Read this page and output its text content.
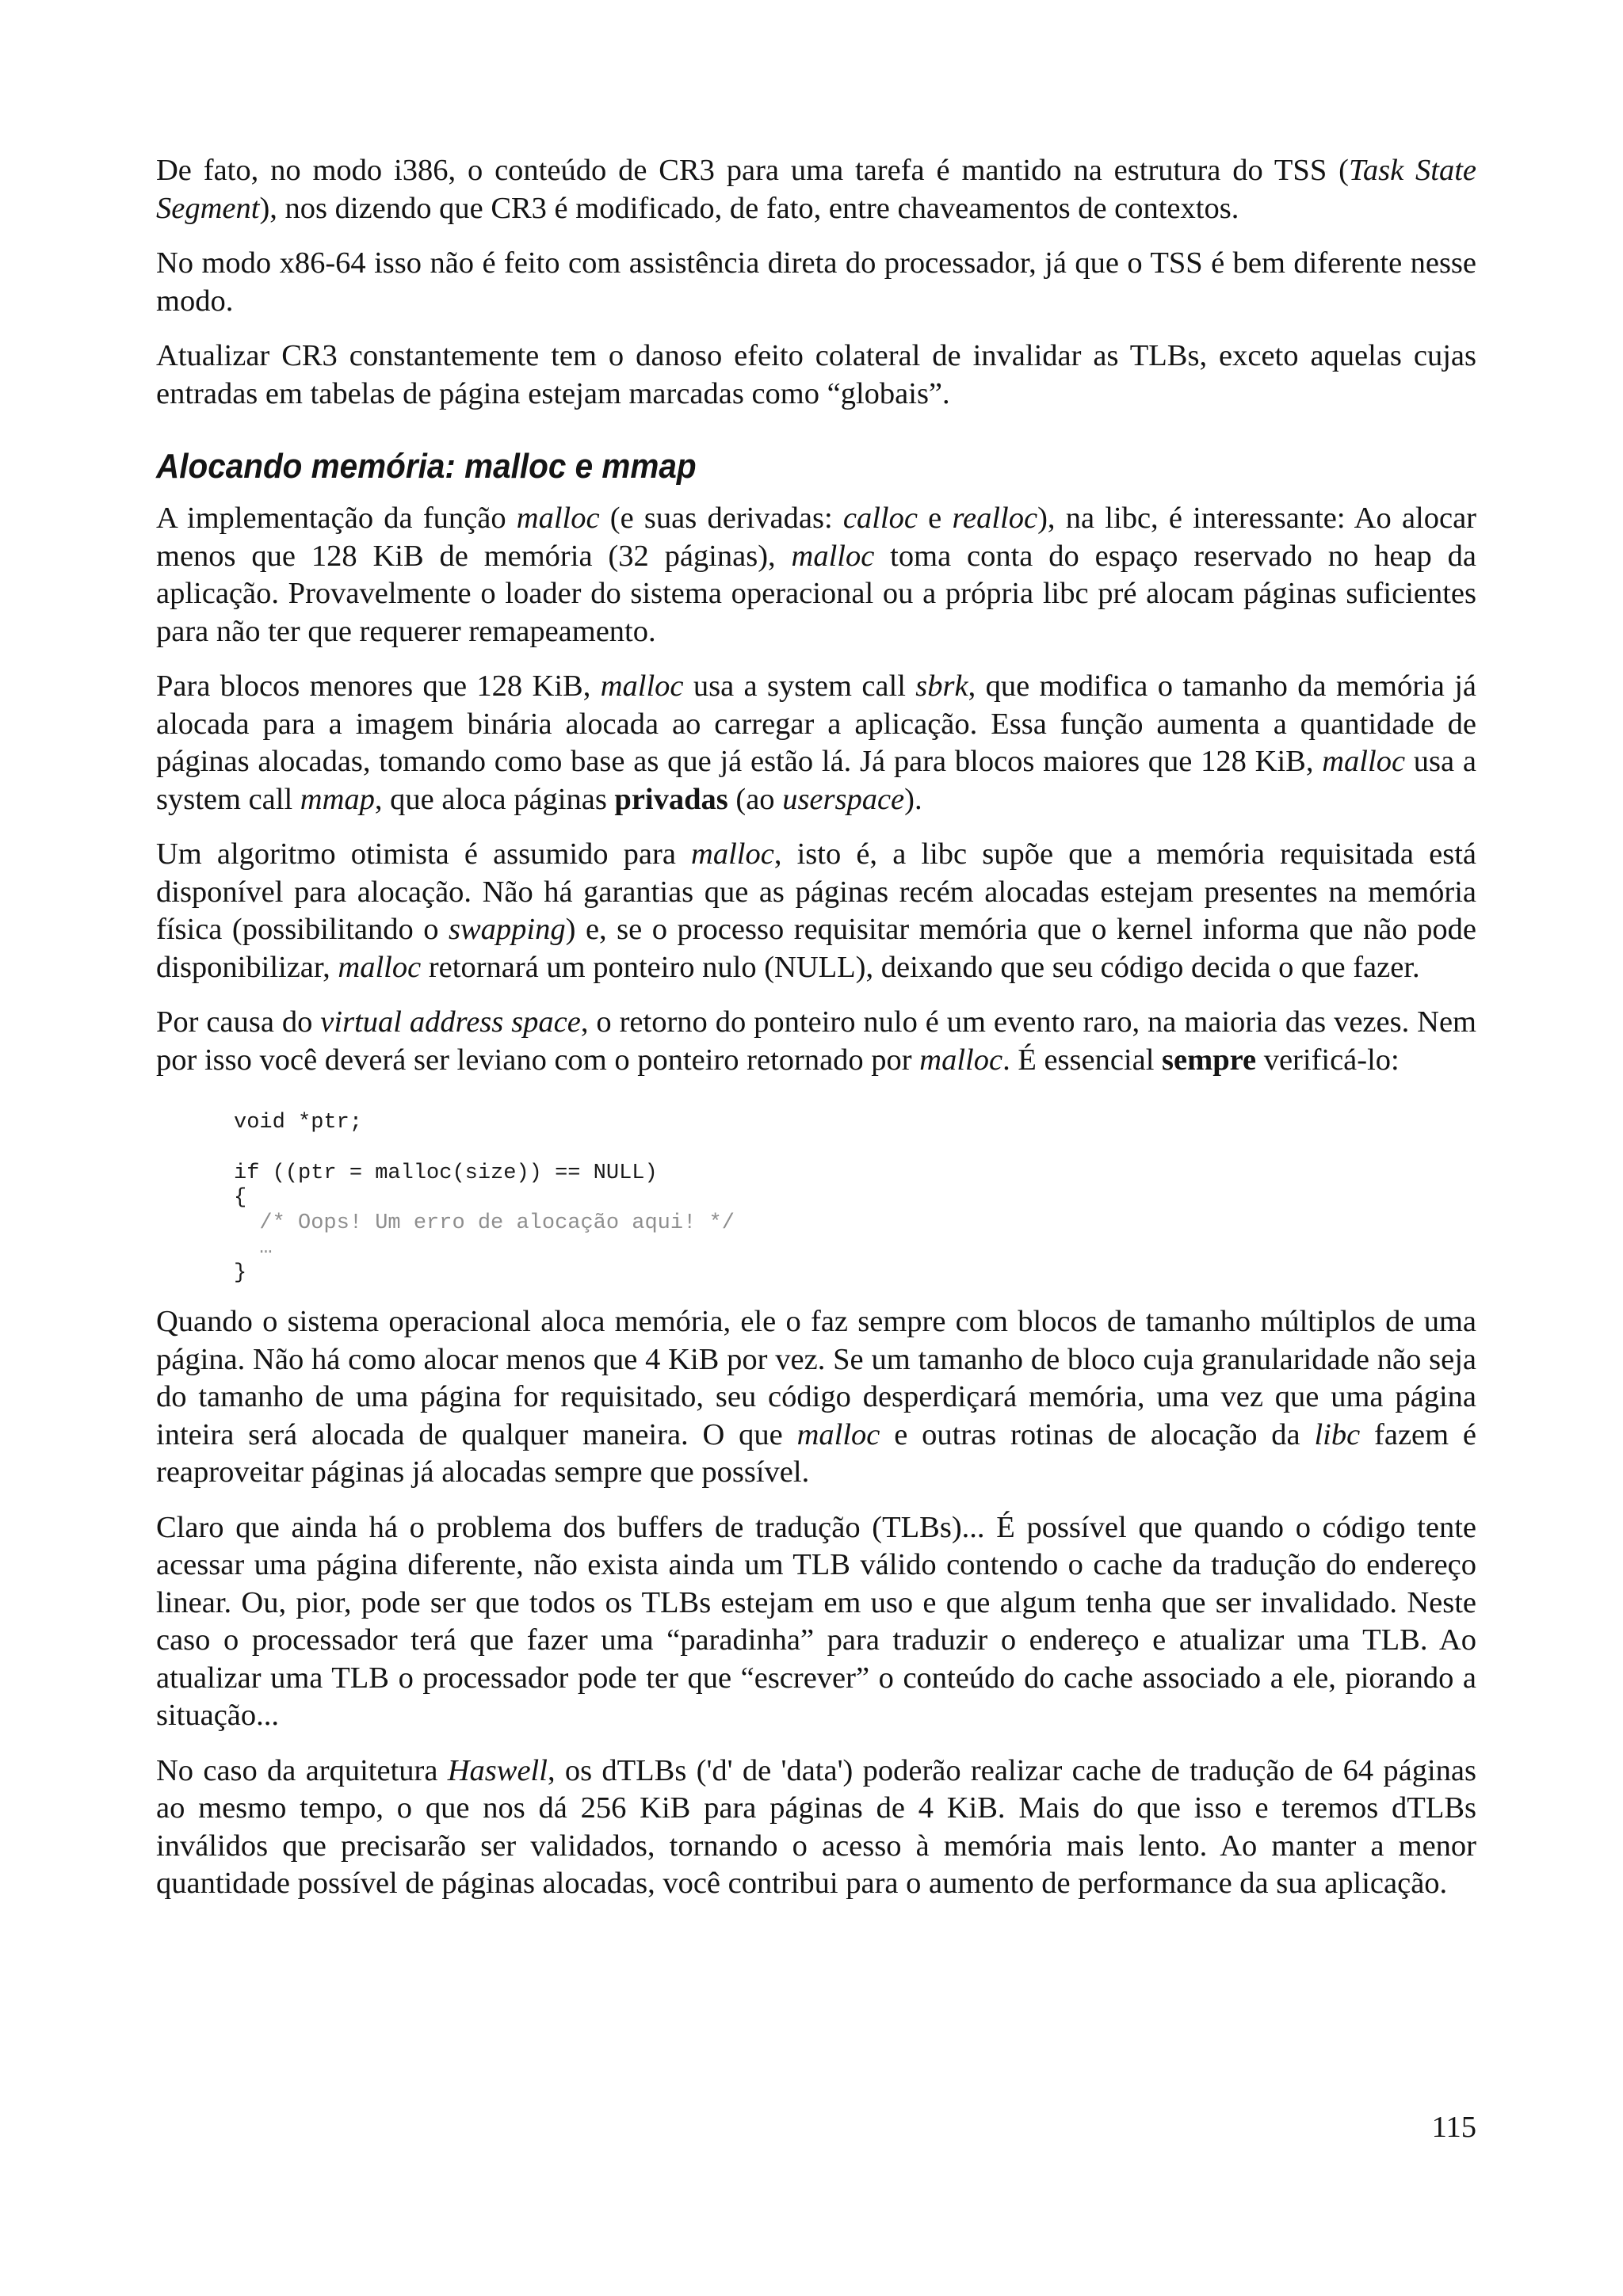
De fato, no modo i386, o conteúdo de CR3 para uma tarefa é mantido na estrutura do TSS (Task State Segment), nos dizendo que CR3 é modificado, de fato, entre chaveamentos de contextos.

No modo x86-64 isso não é feito com assistência direta do processador, já que o TSS é bem diferente nesse modo.

Atualizar CR3 constantemente tem o danoso efeito colateral de invalidar as TLBs, exceto aquelas cujas entradas em tabelas de página estejam marcadas como “globais”.

Alocando memória: malloc e mmap

A implementação da função malloc (e suas derivadas: calloc e realloc), na libc, é interessante: Ao alocar menos que 128 KiB de memória (32 páginas), malloc toma conta do espaço reservado no heap da aplicação. Provavelmente o loader do sistema operacional ou a própria libc pré alocam páginas suficientes para não ter que requerer remapeamento.

Para blocos menores que 128 KiB, malloc usa a system call sbrk, que modifica o tamanho da memória já alocada para a imagem binária alocada ao carregar a aplicação. Essa função aumenta a quantidade de páginas alocadas, tomando como base as que já estão lá. Já para blocos maiores que 128 KiB, malloc usa a system call mmap, que aloca páginas privadas (ao userspace).

Um algoritmo otimista é assumido para malloc, isto é, a libc supõe que a memória requisitada está disponível para alocação. Não há garantias que as páginas recém alocadas estejam presentes na memória física (possibilitando o swapping) e, se o processo requisitar memória que o kernel informa que não pode disponibilizar, malloc retornará um ponteiro nulo (NULL), deixando que seu código decida o que fazer.

Por causa do virtual address space, o retorno do ponteiro nulo é um evento raro, na maioria das vezes. Nem por isso você deverá ser leviano com o ponteiro retornado por malloc. É essencial sempre verificá-lo:

void *ptr;
if ((ptr = malloc(size)) == NULL)
{
/* Oops! Um erro de alocação aqui! */
…
}

Quando o sistema operacional aloca memória, ele o faz sempre com blocos de tamanho múltiplos de uma página. Não há como alocar menos que 4 KiB por vez. Se um tamanho de bloco cuja granularidade não seja do tamanho de uma página for requisitado, seu código desperdiçará memória, uma vez que uma página inteira será alocada de qualquer maneira. O que malloc e outras rotinas de alocação da libc fazem é reaproveitar páginas já alocadas sempre que possível.

Claro que ainda há o problema dos buffers de tradução (TLBs)... É possível que quando o código tente acessar uma página diferente, não exista ainda um TLB válido contendo o cache da tradução do endereço linear. Ou, pior, pode ser que todos os TLBs estejam em uso e que algum tenha que ser invalidado. Neste caso o processador terá que fazer uma “paradinha” para traduzir o endereço e atualizar uma TLB. Ao atualizar uma TLB o processador pode ter que “escrever” o conteúdo do cache associado a ele, piorando a situação...

No caso da arquitetura Haswell, os dTLBs ('d' de 'data') poderão realizar cache de tradução de 64 páginas ao mesmo tempo, o que nos dá 256 KiB para páginas de 4 KiB. Mais do que isso e teremos dTLBs inválidos que precisarão ser validados, tornando o acesso à memória mais lento. Ao manter a menor quantidade possível de páginas alocadas, você contribui para o aumento de performance da sua aplicação.

115
